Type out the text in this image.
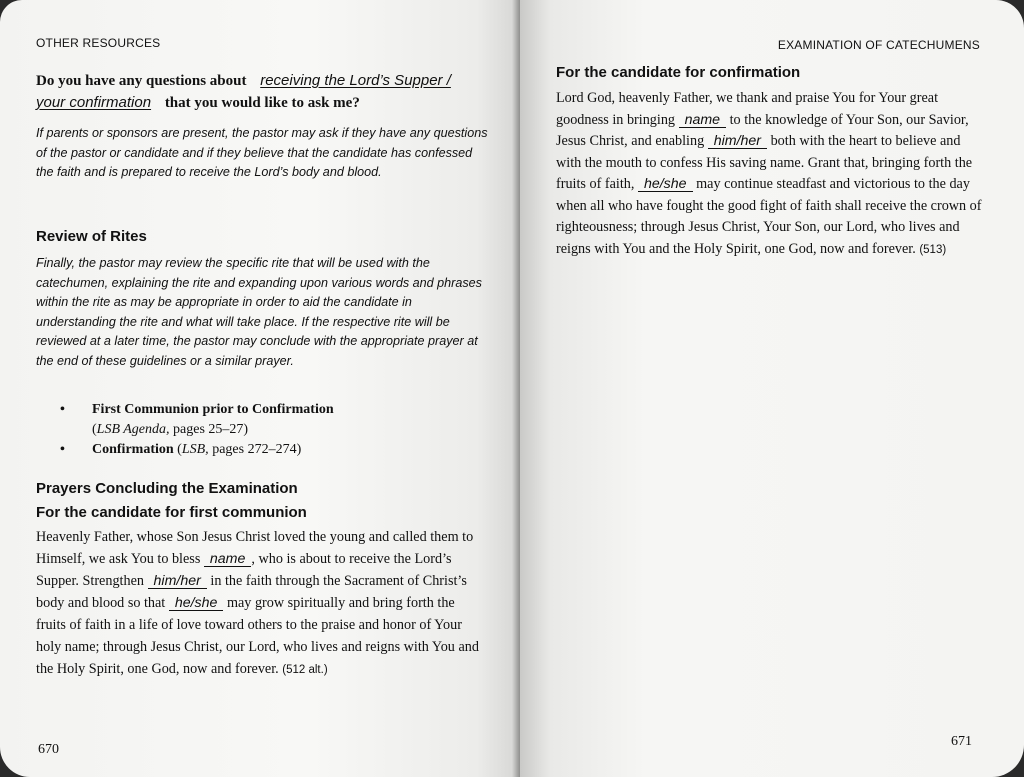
OTHER RESOURCES
Do you have any questions about receiving the Lord’s Supper /
your confirmation that you would like to ask me?
If parents or sponsors are present, the pastor may ask if they have any questions of the pastor or candidate and if they believe that the candidate has confessed the faith and is prepared to receive the Lord’s body and blood.
Review of Rites
Finally, the pastor may review the specific rite that will be used with the catechumen, explaining the rite and expanding upon various words and phrases within the rite as may be appropriate in order to aid the candidate in understanding the rite and what will take place. If the respective rite will be reviewed at a later time, the pastor may conclude with the appropriate prayer at the end of these guidelines or a similar prayer.
• First Communion prior to Confirmation
(LSB Agenda, pages 25–27)
• Confirmation (LSB, pages 272–274)
Prayers Concluding the Examination
For the candidate for first communion
Heavenly Father, whose Son Jesus Christ loved the young and called them to Himself, we ask You to bless name , who is about to receive the Lord’s Supper. Strengthen him/her in the faith through the Sacrament of Christ’s body and blood so that he/she may grow spiritually and bring forth the fruits of faith in a life of love toward others to the praise and honor of Your holy name; through Jesus Christ, our Lord, who lives and reigns with You and the Holy Spirit, one God, now and forever. (512 alt.)
670
EXAMINATION OF CATECHUMENS
For the candidate for confirmation
Lord God, heavenly Father, we thank and praise You for Your great goodness in bringing name to the knowledge of Your Son, our Savior, Jesus Christ, and enabling him/her both with the heart to believe and with the mouth to confess His saving name. Grant that, bringing forth the fruits of faith, he/she may continue steadfast and victorious to the day when all who have fought the good fight of faith shall receive the crown of righteousness; through Jesus Christ, Your Son, our Lord, who lives and reigns with You and the Holy Spirit, one God, now and forever. (513)
671
